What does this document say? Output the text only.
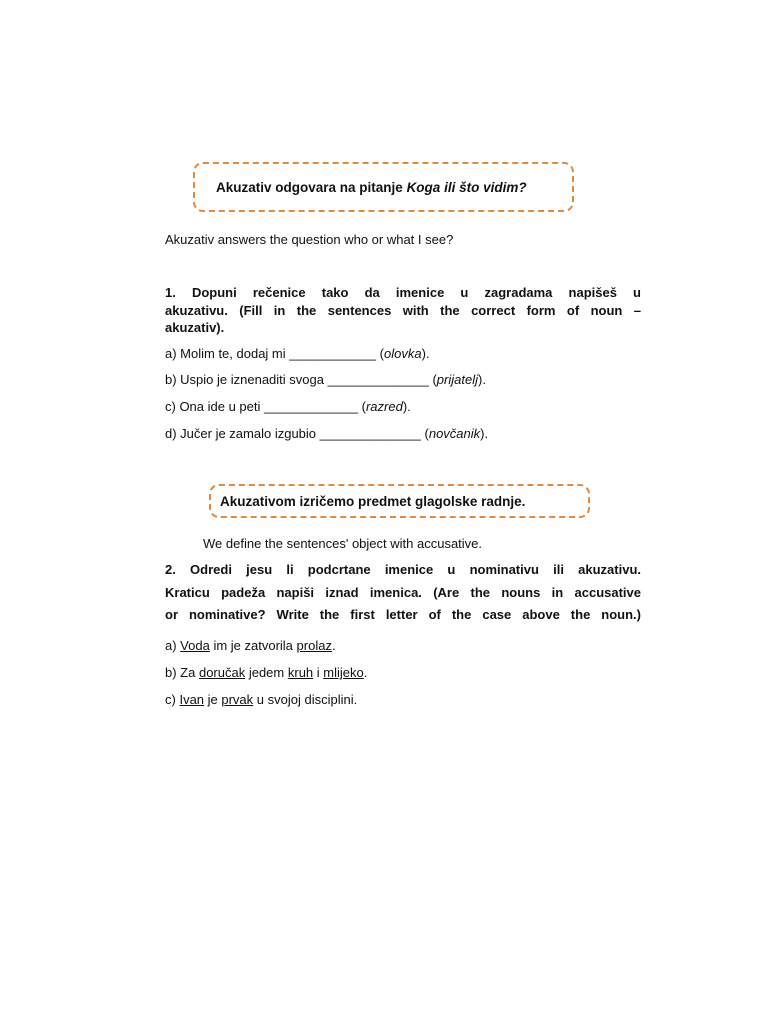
Akuzativ odgovara na pitanje
Koga ili što vidim?
Akuzativ answers the question who or what I see?
1. Dopuni rečenice tako da imenice u zagradama napišeš u
akuzativu. (Fill in the sentences with the correct form of noun –
akuzativ).
a) Molim te, dodaj mi ____________ (olovka).
b) Uspio je iznenaditi svoga ______________ (prijatelj).
c) Ona ide u peti _____________ (razred).
d) Jučer je zamalo izgubio ______________ (novčanik).
Akuzativom izričemo predmet glagolske radnje.
We define the sentences' object with accusative.
2. Odredi jesu li podcrtane imenice u nominativu ili akuzativu.
Kraticu padeža napiši iznad imenica. (Are the nouns in accusative
or nominative? Write the first letter of the case above the noun.)
a) Voda im je zatvorila prolaz.
b) Za doručak jedem kruh i mlijeko.
c) Ivan je prvak u svojoj disciplini.
